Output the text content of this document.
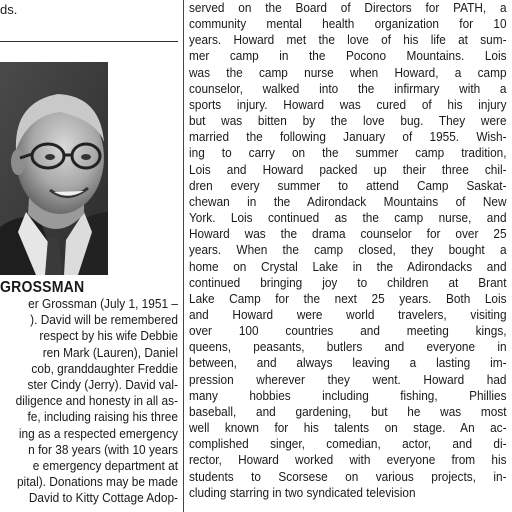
ds.
GROSSMAN
er Grossman (July 1, 1951 –
). David will be remembered
respect by his wife Debbie
ren Mark (Lauren), Daniel
cob, granddaughter Freddie
ster Cindy (Jerry). David val-
diligence and honesty in all as-
fe, including raising his three
ing as a respected emergency
n for 38 years (with 10 years
e emergency department at
pital). Donations may be made
David to Kitty Cottage Adop-
served on the Board of Directors for PATH, a
community mental health organization for 10
years. Howard met the love of his life at sum-
mer camp in the Pocono Mountains. Lois
was the camp nurse when Howard, a camp
counselor, walked into the infirmary with a
sports injury. Howard was cured of his injury
but was bitten by the love bug. They were
married the following January of 1955. Wish-
ing to carry on the summer camp tradition,
Lois and Howard packed up their three chil-
dren every summer to attend Camp Saskat-
chewan in the Adirondack Mountains of New
York. Lois continued as the camp nurse, and
Howard was the drama counselor for over 25
years. When the camp closed, they bought a
home on Crystal Lake in the Adirondacks and
continued bringing joy to children at Brant
Lake Camp for the next 25 years. Both Lois
and Howard were world travelers, visiting
over 100 countries and meeting kings,
queens, peasants, butlers and everyone in
between, and always leaving a lasting im-
pression wherever they went. Howard had
many hobbies including fishing, Phillies
baseball, and gardening, but he was most
well known for his talents on stage. An ac-
complished singer, comedian, actor, and di-
rector, Howard worked with everyone from his
students to Scorsese on various projects, in-
cluding starring in two syndicated television
